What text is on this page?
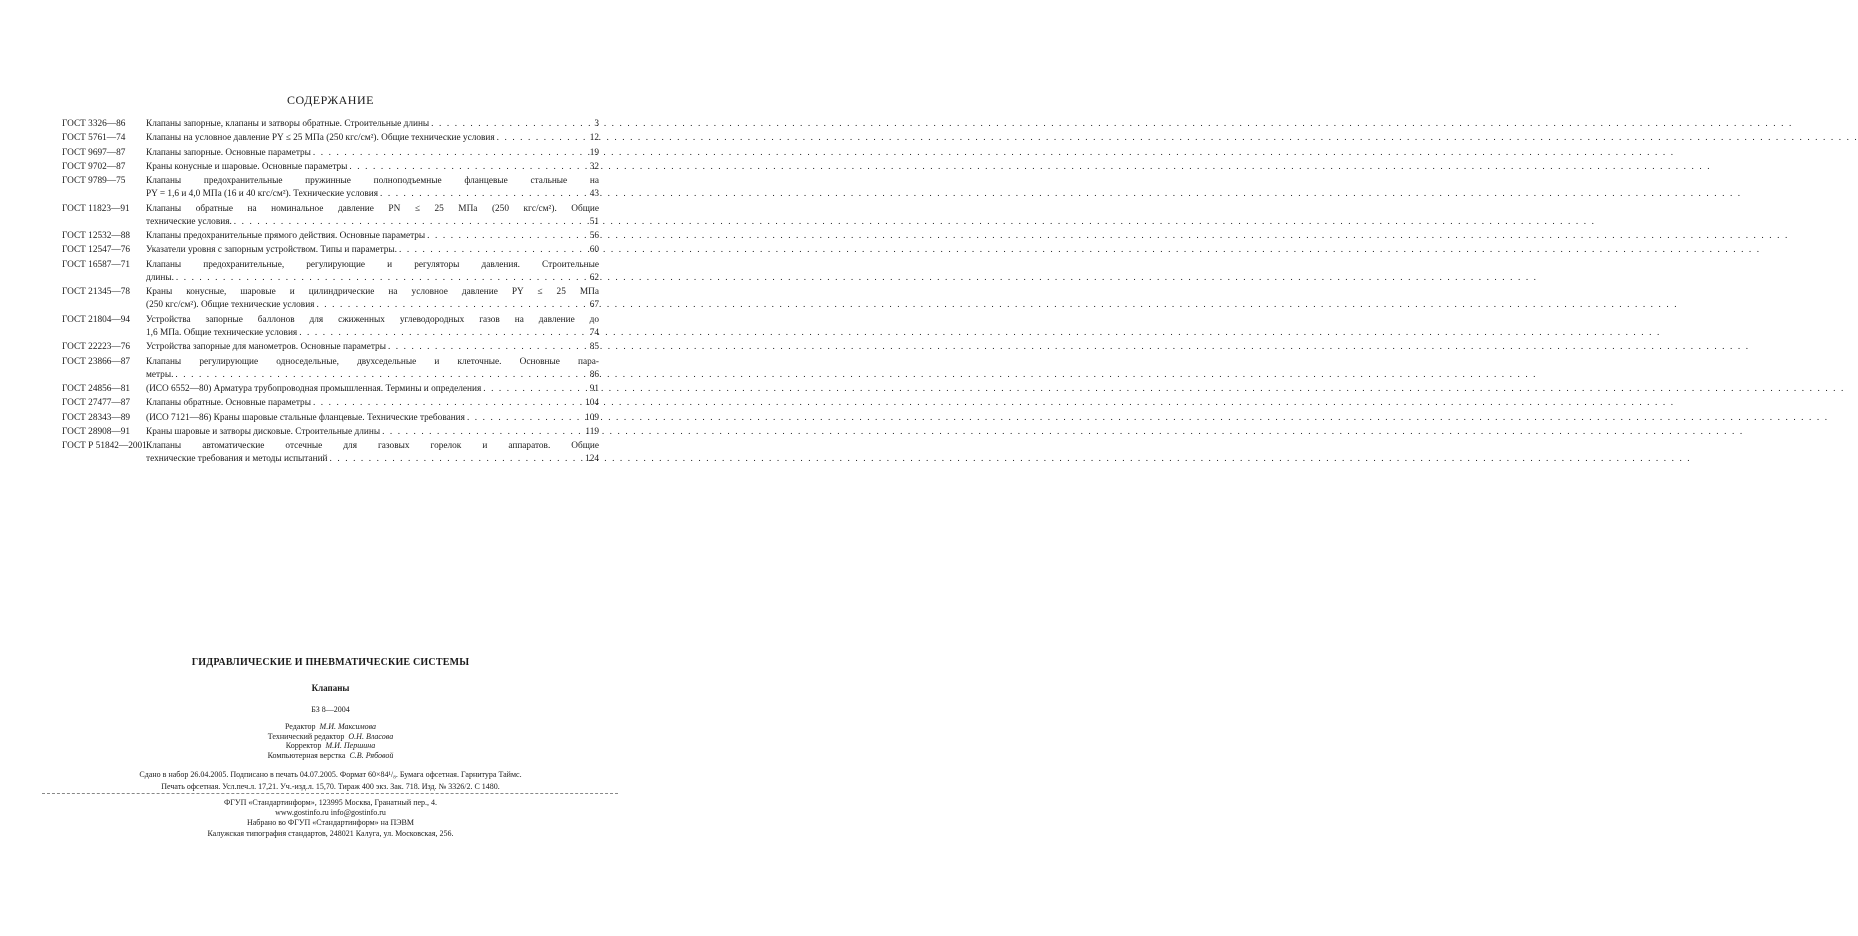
СОДЕРЖАНИЕ
ГОСТ 3326—86	Клапаны запорные, клапаны и затворы обратные. Строительные длины . . .	3
ГОСТ 5761—74	Клапаны на условное давление PY ≤ 25 МПа (250 кгс/см²). Общие технические условия . . .	12
ГОСТ 9697—87	Клапаны запорные. Основные параметры . . .	19
ГОСТ 9702—87	Краны конусные и шаровые. Основные параметры . . .	32
ГОСТ 9789—75	Клапаны предохранительные пружинные полноподъемные фланцевые стальные на
PY = 1,6 и 4,0 МПа (16 и 40 кгс/см²). Технические условия . . .	43
ГОСТ 11823—91	Клапаны обратные на номинальное давление PN ≤ 25 МПа (250 кгс/см²). Общие
технические условия. . . .	51
ГОСТ 12532—88	Клапаны предохранительные прямого действия. Основные параметры . . .	56
ГОСТ 12547—76	Указатели уровня с запорным устройством. Типы и параметры. . . .	60
ГОСТ 16587—71	Клапаны предохранительные, регулирующие и регуляторы давления. Строительные
длины. . . .	62
ГОСТ 21345—78	Краны конусные, шаровые и цилиндрические на условное давление PY ≤ 25 МПа
(250 кгс/см²). Общие технические условия . . .	67
ГОСТ 21804—94	Устройства запорные баллонов для сжиженных углеводородных газов на давление до
1,6 МПа. Общие технические условия . . .	74
ГОСТ 22223—76	Устройства запорные для манометров. Основные параметры . . .	85
ГОСТ 23866—87	Клапаны регулирующие односедельные, двухседельные и клеточные. Основные пара-
метры. . . .	86
ГОСТ 24856—81	(ИСО 6552—80) Арматура трубопроводная промышленная. Термины и определения . . .	91
ГОСТ 27477—87	Клапаны обратные. Основные параметры . . .	104
ГОСТ 28343—89	(ИСО 7121—86) Краны шаровые стальные фланцевые. Технические требования . . .	109
ГОСТ 28908—91	Краны шаровые и затворы дисковые. Строительные длины . . .	119
ГОСТ Р 51842—2001 Клапаны автоматические отсечные для газовых горелок и аппаратов. Общие
технические требования и методы испытаний . . .	124
ГИДРАВЛИЧЕСКИЕ И ПНЕВМАТИЧЕСКИЕ СИСТЕМЫ
Клапаны
БЗ 8—2004
Редактор М.И. Максимова
Технический редактор О.Н. Власова
Корректор М.И. Першина
Компьютерная верстка С.В. Рябовой
Сдано в набор 26.04.2005. Подписано в печать 04.07.2005. Формат 60×84¹/₈. Бумага офсетная. Гарнитура Таймс.
Печать офсетная. Усл.печ.л. 17,21. Уч.-изд.л. 15,70. Тираж 400 экз. Зак. 718. Изд. № 3326/2. С 1480.
ФГУП «Стандартинформ», 123995 Москва, Гранатный пер., 4.
www.gostinfo.ru info@gostinfo.ru
Набрано во ФГУП «Стандартинформ» на ПЭВМ
Калужская типография стандартов, 248021 Калуга, ул. Московская, 256.
